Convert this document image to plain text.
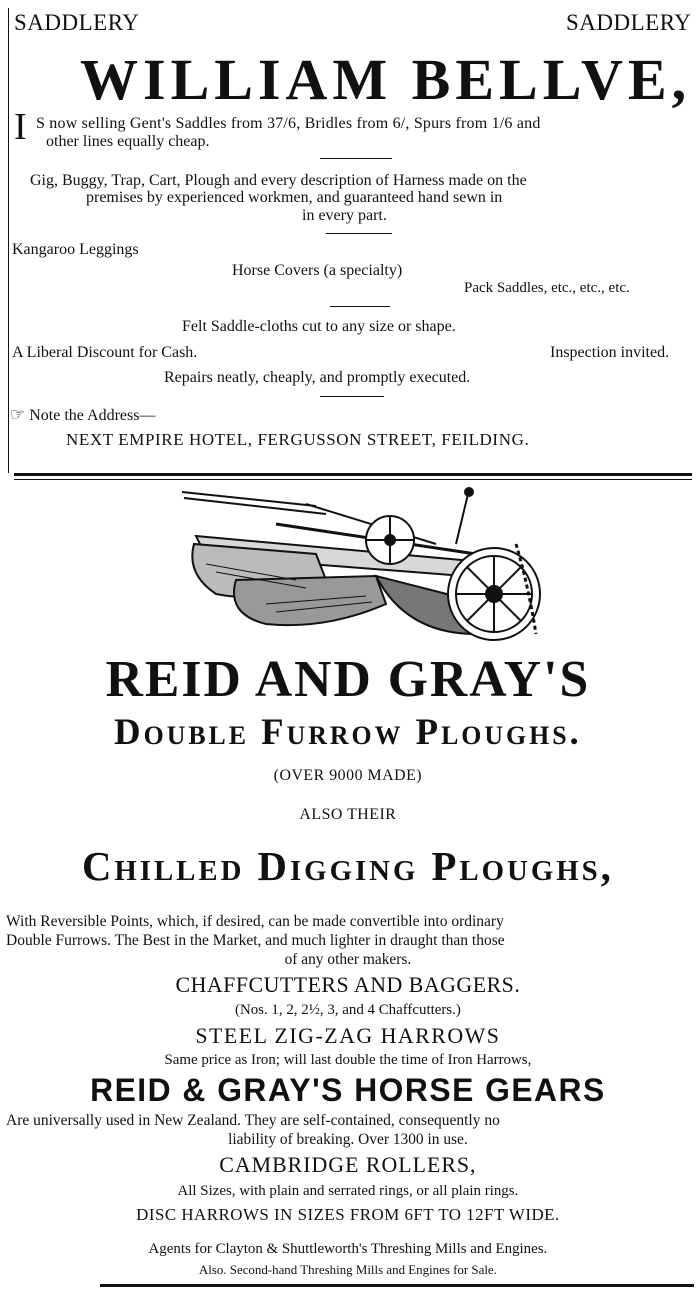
SADDLERY	SADDLERY
WILLIAM BELLVE,
I S now selling Gent's Saddles from 37/6, Bridles from 6/, Spurs from 1/6 and
other lines equally cheap.
Gig, Buggy, Trap, Cart, Plough and every description of Harness made on the
premises by experienced workmen, and guaranteed hand sewn in
in every part.
Kangaroo Leggings
Horse Covers (a specialty)
Pack Saddles, etc., etc., etc.
Felt Saddle-cloths cut to any size or shape.
A Liberal Discount for Cash.	Inspection invited.
Repairs neatly, cheaply, and promptly executed.
☞ Note the Address—
NEXT EMPIRE HOTEL, FERGUSSON STREET, FEILDING.
REID AND GRAY'S
Double Furrow Ploughs.
(OVER 9000 MADE)
ALSO THEIR
Chilled Digging Ploughs,
With Reversible Points, which, if desired, can be made convertible into ordinary
Double Furrows. The Best in the Market, and much lighter in draught than those
of any other makers.
CHAFFCUTTERS AND BAGGERS.
(Nos. 1, 2, 2½, 3, and 4 Chaffcutters.)
STEEL ZIG-ZAG HARROWS
Same price as Iron; will last double the time of Iron Harrows,
REID & GRAY'S HORSE GEARS
Are universally used in New Zealand. They are self-contained, consequently no
liability of breaking. Over 1300 in use.
CAMBRIDGE ROLLERS,
All Sizes, with plain and serrated rings, or all plain rings.
DISC HARROWS IN SIZES FROM 6FT TO 12FT WIDE.
Agents for Clayton & Shuttleworth's Threshing Mills and Engines.
Also. Second-hand Threshing Mills and Engines for Sale.
